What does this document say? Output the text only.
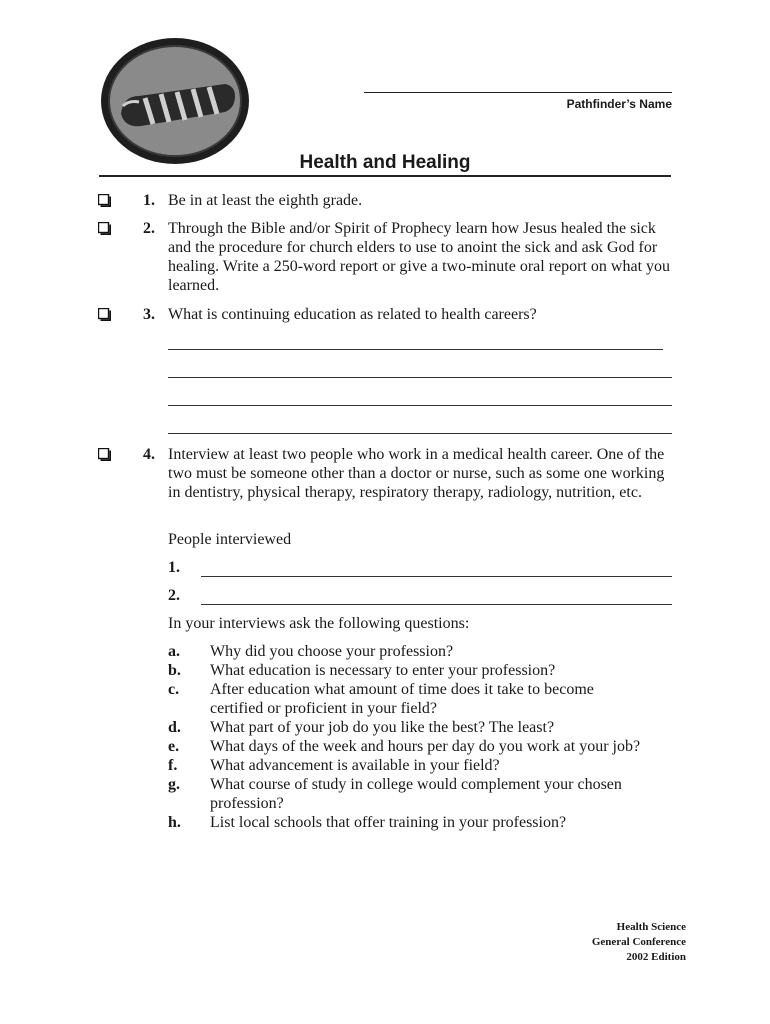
Pathfinder’s Name
Health and Healing
1. Be in at least the eighth grade.
2. Through the Bible and/or Spirit of Prophecy learn how Jesus healed the sick and the procedure for church elders to use to anoint the sick and ask God for healing. Write a 250-word report or give a two-minute oral report on what you learned.
3. What is continuing education as related to health careers?
4. Interview at least two people who work in a medical health career. One of the two must be someone other than a doctor or nurse, such as some one working in dentistry, physical therapy, respiratory therapy, radiology, nutrition, etc.
People interviewed
1.
2.
In your interviews ask the following questions:
a.	Why did you choose your profession?
b.	What education is necessary to enter your profession?
c.	After education what amount of time does it take to become certified or proficient in your field?
d.	What part of your job do you like the best? The least?
e.	What days of the week and hours per day do you work at your job?
f.	What advancement is available in your field?
g.	What course of study in college would complement your chosen profession?
h.	List local schools that offer training in your profession?
Health Science
General Conference
2002 Edition
